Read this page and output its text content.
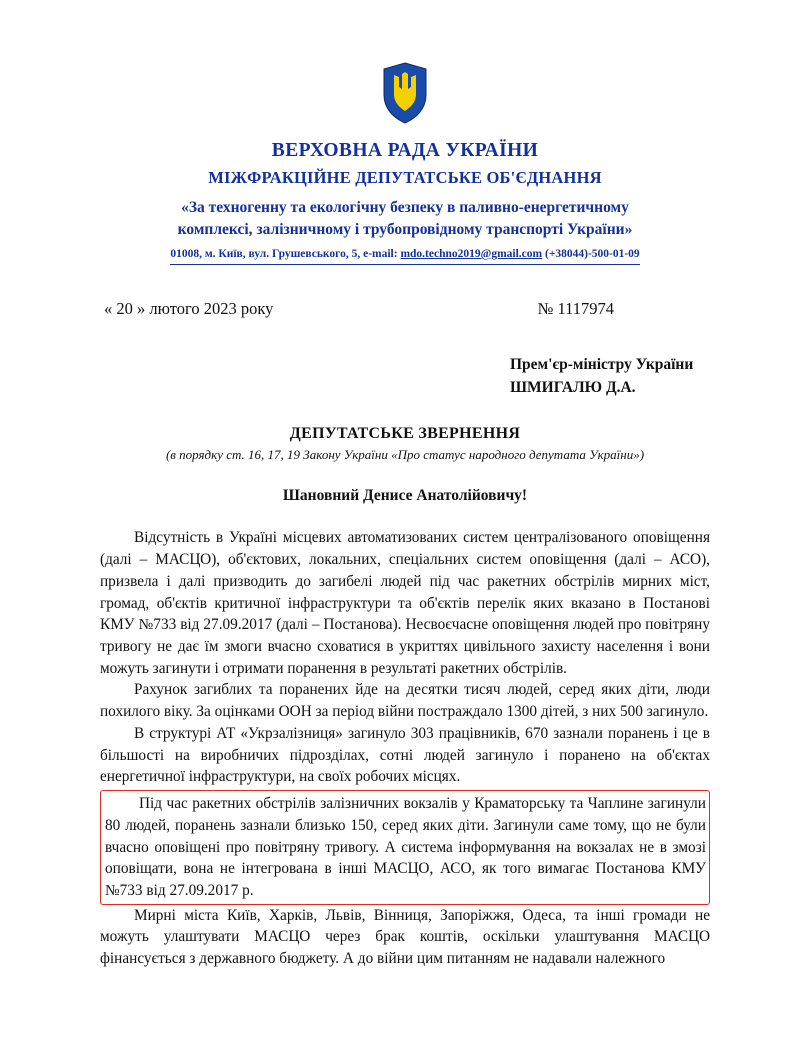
ВЕРХОВНА РАДА УКРАЇНИ
МІЖФРАКЦІЙНЕ ДЕПУТАТСЬКЕ ОБ'ЄДНАННЯ
«За техногенну та екологічну безпеку в паливно-енергетичному
комплексі, залізничному і трубопровідному транспорті України»
01008, м. Київ, вул. Грушевського, 5, e-mail: mdo.techno2019@gmail.com (+38044)-500-01-09
« 20 » лютого 2023 року	№ 1117974
Прем'єр-міністру України
ШМИГАЛЮ Д.А.
ДЕПУТАТСЬКЕ ЗВЕРНЕННЯ
(в порядку ст. 16, 17, 19 Закону України «Про статус народного депутата України»)
Шановний Денисе Анатолійовичу!

Відсутність в Україні місцевих автоматизованих систем централізованого оповіщення (далі – МАСЦО), об'єктових, локальних, спеціальних систем оповіщення (далі – АСО), призвела і далі призводить до загибелі людей під час ракетних обстрілів мирних міст, громад, об'єктів критичної інфраструктури та об'єктів перелік яких вказано в Постанові КМУ №733 від 27.09.2017 (далі – Постанова). Несвоєчасне оповіщення людей про повітряну тривогу не дає їм змоги вчасно сховатися в укриттях цивільного захисту населення і вони можуть загинути і отримати поранення в результаті ракетних обстрілів.

Рахунок загиблих та поранених йде на десятки тисяч людей, серед яких діти, люди похилого віку. За оцінками ООН за період війни постраждало 1300 дітей, з них 500 загинуло.

В структурі АТ «Укрзалізниця» загинуло 303 працівників, 670 зазнали поранень і це в більшості на виробничих підрозділах, сотні людей загинуло і поранено на об'єктах енергетичної інфраструктури, на своїх робочих місцях.

Під час ракетних обстрілів залізничних вокзалів у Краматорську та Чаплине загинули 80 людей, поранень зазнали близько 150, серед яких діти. Загинули саме тому, що не були вчасно оповіщені про повітряну тривогу. А система інформування на вокзалах не в змозі оповіщати, вона не інтегрована в інші МАСЦО, АСО, як того вимагає Постанова КМУ №733 від 27.09.2017 р.

Мирні міста Київ, Харків, Львів, Вінниця, Запоріжжя, Одеса, та інші громади не можуть улаштувати МАСЦО через брак коштів, оскільки улаштування МАСЦО фінансується з державного бюджету. А до війни цим питанням не надавали належного
